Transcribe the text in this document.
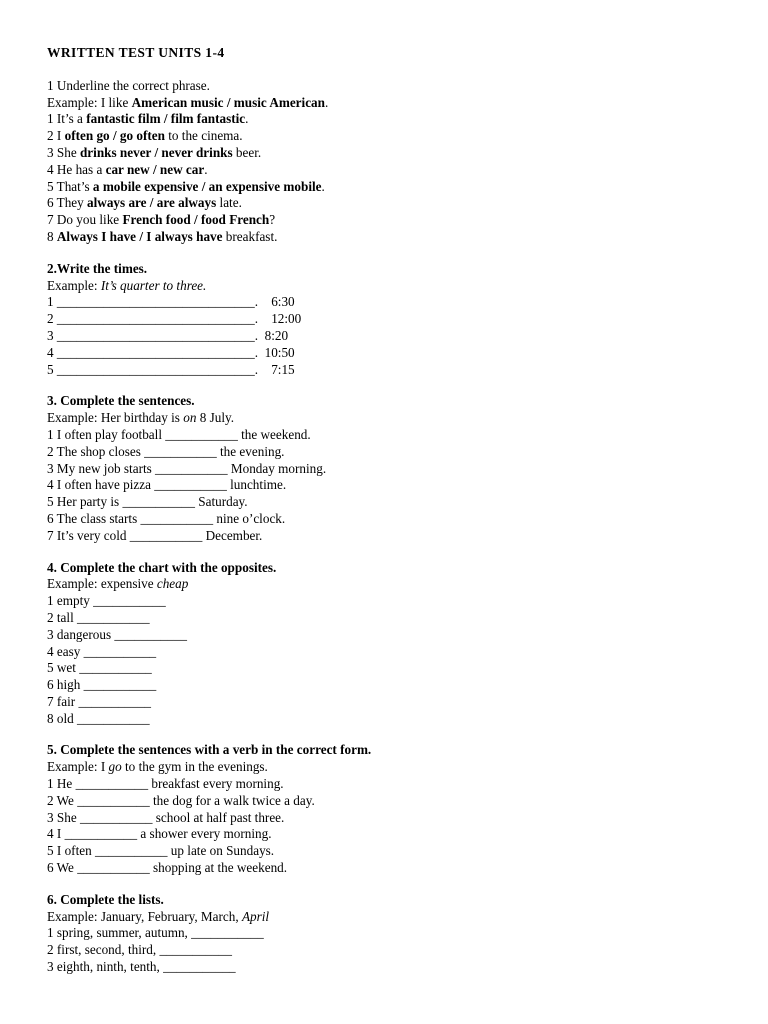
WRITTEN TEST UNITS 1-4
1 Underline the correct phrase.
Example: I like American music / music American.
1 It’s a fantastic film / film fantastic.
2 I often go / go often to the cinema.
3 She drinks never / never drinks beer.
4 He has a car new / new car.
5 That’s a mobile expensive / an expensive mobile.
6 They always are / are always late.
7 Do you like French food / food French?
8 Always I have / I always have breakfast.
2.Write the times.
Example: It’s quarter to three.
1 ______________________________.    6:30
2 ______________________________.    12:00
3 ______________________________.  8:20
4 ______________________________.  10:50
5 ______________________________.    7:15
3. Complete the sentences.
Example: Her birthday is on 8 July.
1 I often play football ___________ the weekend.
2 The shop closes ___________ the evening.
3 My new job starts ___________ Monday morning.
4 I often have pizza ___________ lunchtime.
5 Her party is ___________ Saturday.
6 The class starts ___________ nine o’clock.
7 It’s very cold ___________ December.
4. Complete the chart with the opposites.
Example: expensive cheap
1 empty ___________
2 tall ___________
3 dangerous ___________
4 easy ___________
5 wet ___________
6 high ___________
7 fair ___________
8 old ___________
5. Complete the sentences with a verb in the correct form.
Example: I go to the gym in the evenings.
1 He ___________ breakfast every morning.
2 We ___________ the dog for a walk twice a day.
3 She ___________ school at half past three.
4 I ___________ a shower every morning.
5 I often ___________ up late on Sundays.
6 We ___________ shopping at the weekend.
6. Complete the lists.
Example: January, February, March, April
1 spring, summer, autumn, ___________
2 first, second, third, ___________
3 eighth, ninth, tenth, ___________
